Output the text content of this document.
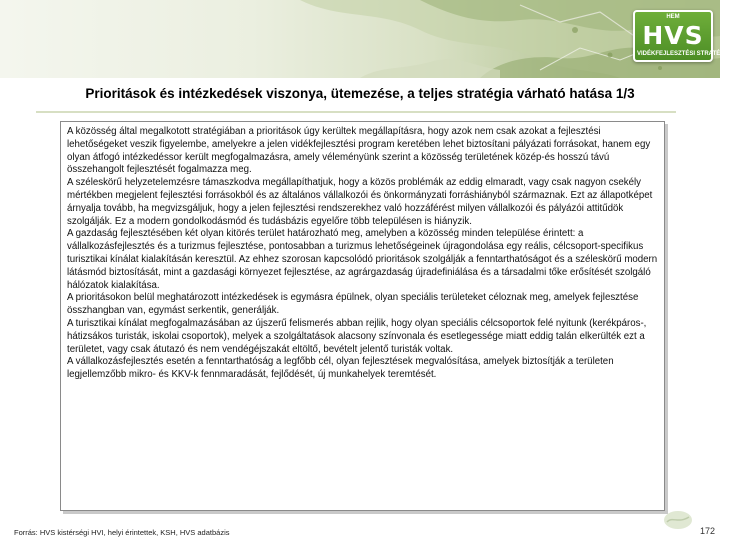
HEM
HVS
VIDÉKFEJLESZTÉSI STRATÉGIA
Prioritások és intézkedések viszonya, ütemezése, a teljes stratégia várható hatása 1/3

A közösség által megalkotott stratégiában a prioritások úgy kerültek megállapításra, hogy azok nem csak azokat a fejlesztési lehetőségeket veszik figyelembe, amelyekre a jelen vidékfejlesztési program keretében lehet biztosítani pályázati forrásokat, hanem egy olyan átfogó intézkedéssor került megfogalmazásra, amely véleményünk szerint a közösség területének közép-és hosszú távú összehangolt fejlesztését fogalmazza meg.

A széleskörű helyzetelemzésre támaszkodva megállapíthatjuk, hogy a közös problémák az eddig elmaradt, vagy csak nagyon csekély mértékben megjelent fejlesztési forrásokból és az általános vállalkozói és önkormányzati forráshiányból származnak. Ezt az állapotképet árnyalja tovább, ha megvizsgáljuk, hogy a jelen fejlesztési rendszerekhez való hozzáférést milyen vállalkozói és pályázói attitűdök szolgálják. Ez a modern gondolkodásmód és tudásbázis egyelőre több településen is hiányzik.

A gazdaság fejlesztésében két olyan kitörés terület határozható meg, amelyben a közösség minden települése érintett: a vállalkozásfejlesztés és a turizmus fejlesztése, pontosabban a turizmus lehetőségeinek újragondolása egy reális, célcsoport-specifikus turisztikai kínálat kialakításán keresztül. Az ehhez szorosan kapcsolódó prioritások szolgálják a fenntarthatóságot és a széleskörű modern látásmód biztosítását, mint a gazdasági környezet fejlesztése, az agrárgazdaság újradefiniálása és a társadalmi tőke erősítését szolgáló hálózatok kialakítása.

A prioritásokon belül meghatározott intézkedések is egymásra épülnek, olyan speciális területeket céloznak meg, amelyek fejlesztése összhangban van, egymást serkentik, generálják.

A turisztikai kínálat megfogalmazásában az újszerű felismerés abban rejlik, hogy olyan speciális célcsoportok felé nyitunk (kerékpáros-, hátizsákos turisták, iskolai csoportok), melyek a szolgáltatások alacsony színvonala és esetlegessége miatt eddig talán elkerülték ezt a területet, vagy csak átutazó és nem vendégéjszakát eltöltő, bevételt jelentő turisták voltak.

A vállalkozásfejlesztés esetén a fenntarthatóság a legfőbb cél, olyan fejlesztések megvalósítása, amelyek biztosítják a területen legjellemzőbb mikro- és KKV-k fennmaradását, fejlődését, új munkahelyek teremtését.

Forrás: HVS kistérségi HVI, helyi érintettek, KSH, HVS adatbázis	172
